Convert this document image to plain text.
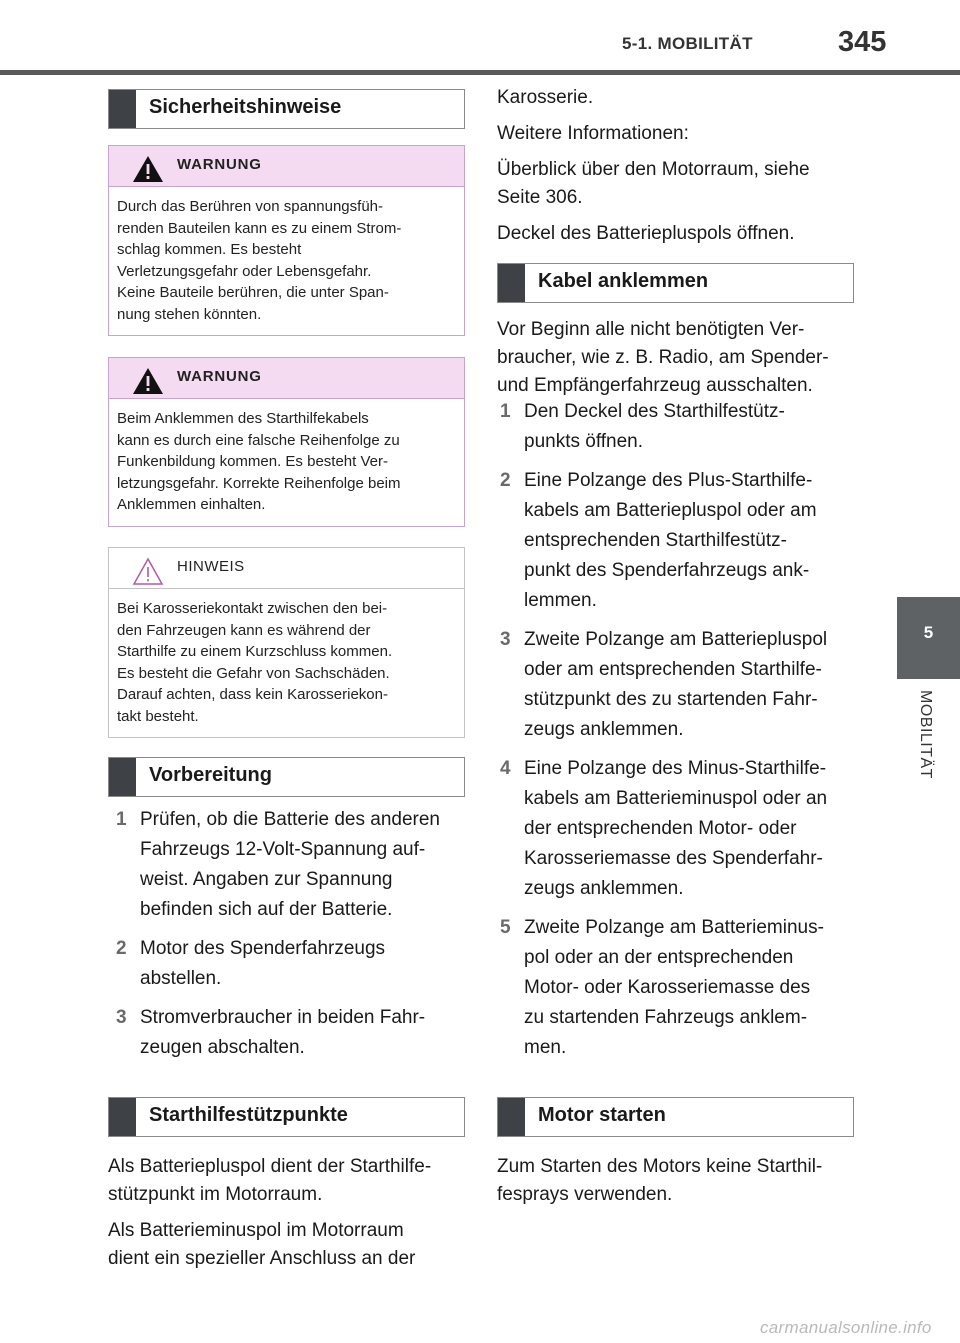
5-1. MOBILITÄT	345
5
MOBILITÄT
Sicherheitshinweise
WARNUNG
Durch das Berühren von spannungsfüh-
renden Bauteilen kann es zu einem Strom-
schlag kommen. Es besteht
Verletzungsgefahr oder Lebensgefahr.
Keine Bauteile berühren, die unter Span-
nung stehen könnten.
WARNUNG
Beim Anklemmen des Starthilfekabels
kann es durch eine falsche Reihenfolge zu
Funkenbildung kommen. Es besteht Ver-
letzungsgefahr. Korrekte Reihenfolge beim
Anklemmen einhalten.
HINWEIS
Bei Karosseriekontakt zwischen den bei-
den Fahrzeugen kann es während der
Starthilfe zu einem Kurzschluss kommen.
Es besteht die Gefahr von Sachschäden.
Darauf achten, dass kein Karosseriekon-
takt besteht.
Vorbereitung
1 Prüfen, ob die Batterie des anderen
Fahrzeugs 12-Volt-Spannung auf-
weist. Angaben zur Spannung
befinden sich auf der Batterie.
2 Motor des Spenderfahrzeugs
abstellen.
3 Stromverbraucher in beiden Fahr-
zeugen abschalten.
Starthilfestützpunkte

Als Batteriepluspol dient der Starthilfe-
stützpunkt im Motorraum.

Als Batterieminuspol im Motorraum
dient ein spezieller Anschluss an der

Karosserie.

Weitere Informationen:

Überblick über den Motorraum, siehe
Seite 306.

Deckel des Batteriepluspols öffnen.

Kabel anklemmen

Vor Beginn alle nicht benötigten Ver-
braucher, wie z. B. Radio, am Spender-
und Empfängerfahrzeug ausschalten.

1 Den Deckel des Starthilfestütz-
punkts öffnen.
2 Eine Polzange des Plus-Starthilfe-
kabels am Batteriepluspol oder am
entsprechenden Starthilfestütz-
punkt des Spenderfahrzeugs ank-
lemmen.
3 Zweite Polzange am Batteriepluspol
oder am entsprechenden Starthilfe-
stützpunkt des zu startenden Fahr-
zeugs anklemmen.
4 Eine Polzange des Minus-Starthilfe-
kabels am Batterieminuspol oder an
der entsprechenden Motor- oder
Karosseriemasse des Spenderfahr-
zeugs anklemmen.
5 Zweite Polzange am Batterieminus-
pol oder an der entsprechenden
Motor- oder Karosseriemasse des
zu startenden Fahrzeugs anklem-
men.
Motor starten

Zum Starten des Motors keine Starthil-
fesprays verwenden.

carmanualsonline.info
